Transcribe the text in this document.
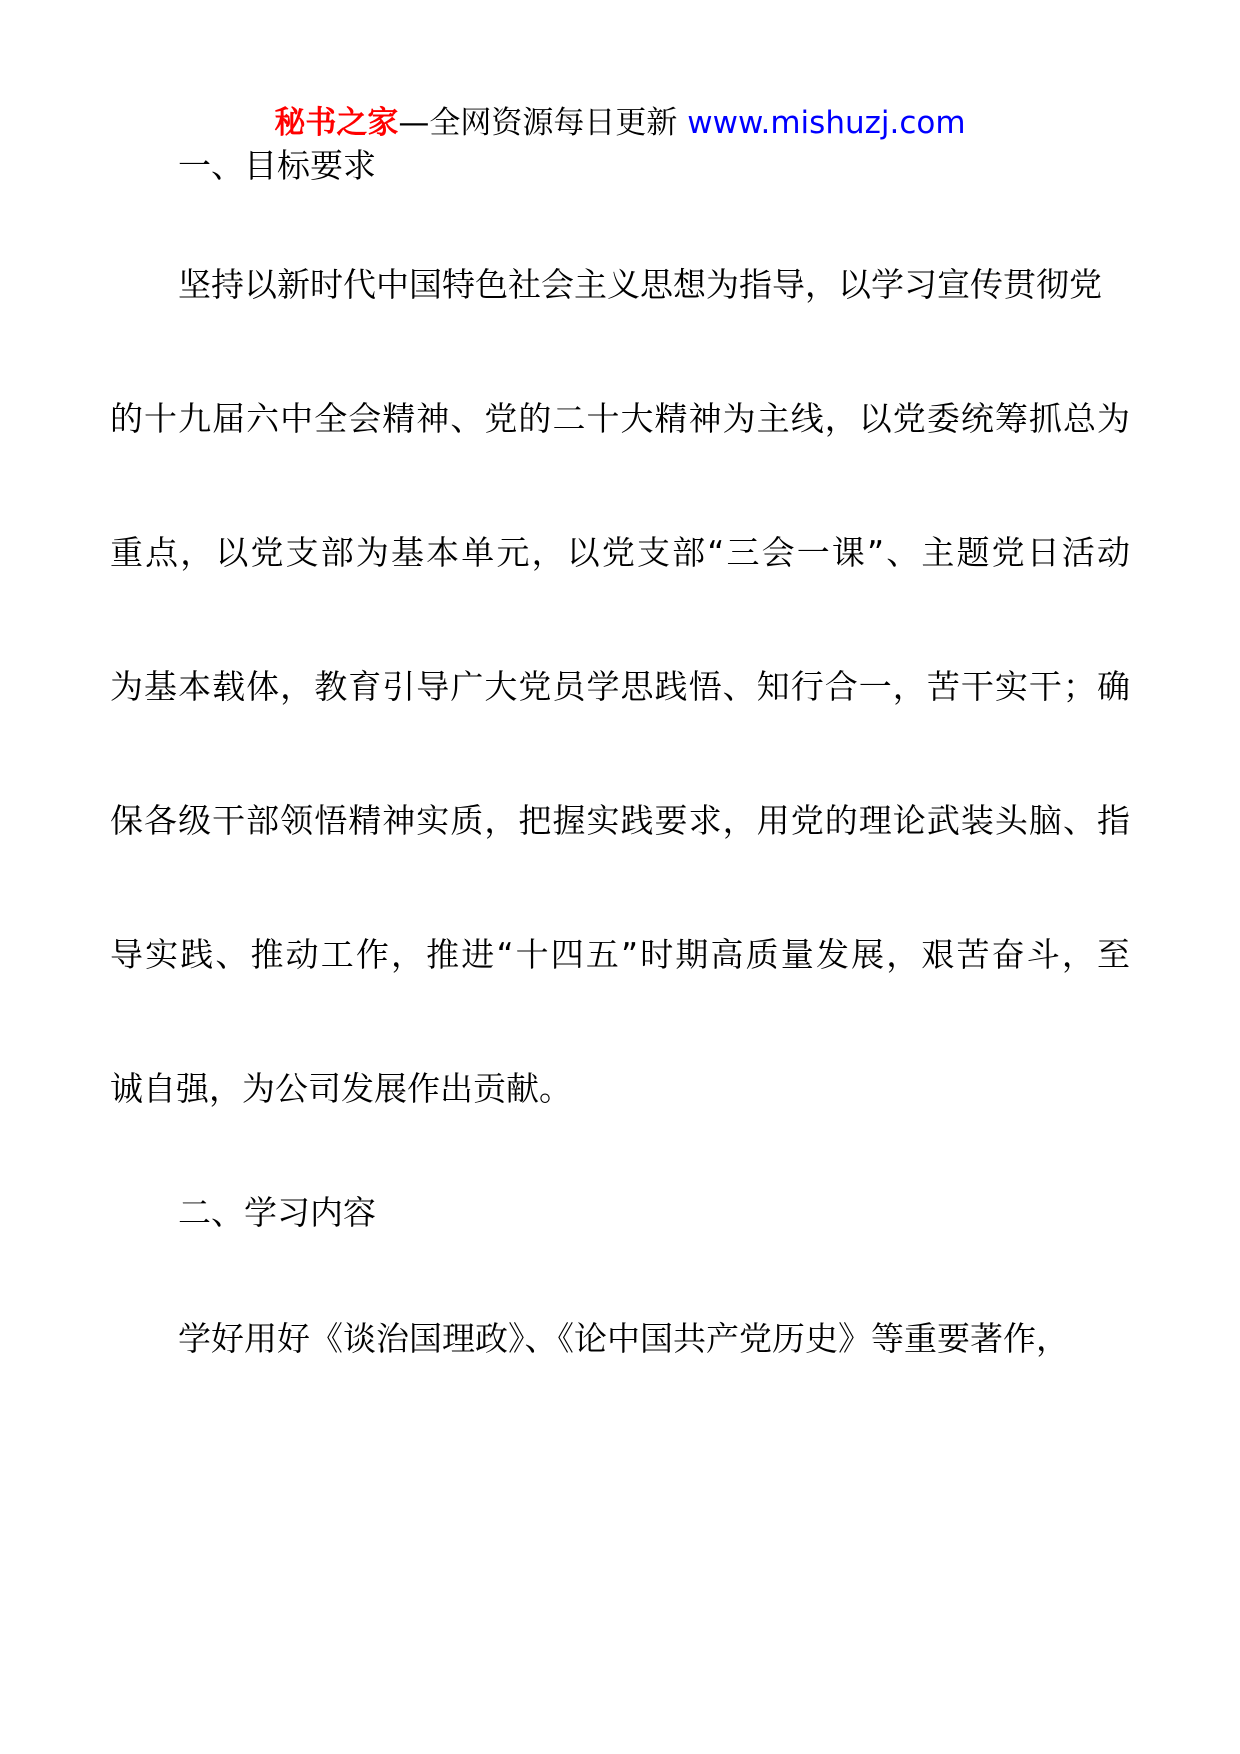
秘书之家—全网资源每日更新 www.mishuzj.com
一、目标要求
坚持以新时代中国特色社会主义思想为指导，以学习宣传贯彻党
的十九届六中全会精神、党的二十大精神为主线，以党委统筹抓总为
重点，以党支部为基本单元，以党支部“三会一课”、主题党日活动
为基本载体，教育引导广大党员学思践悟、知行合一，苦干实干；确
保各级干部领悟精神实质，把握实践要求，用党的理论武装头脑、指
导实践、推动工作，推进“十四五”时期高质量发展，艰苦奋斗，至
诚自强，为公司发展作出贡献。
二、学习内容
学好用好《谈治国理政》、《论中国共产党历史》等重要著作，
